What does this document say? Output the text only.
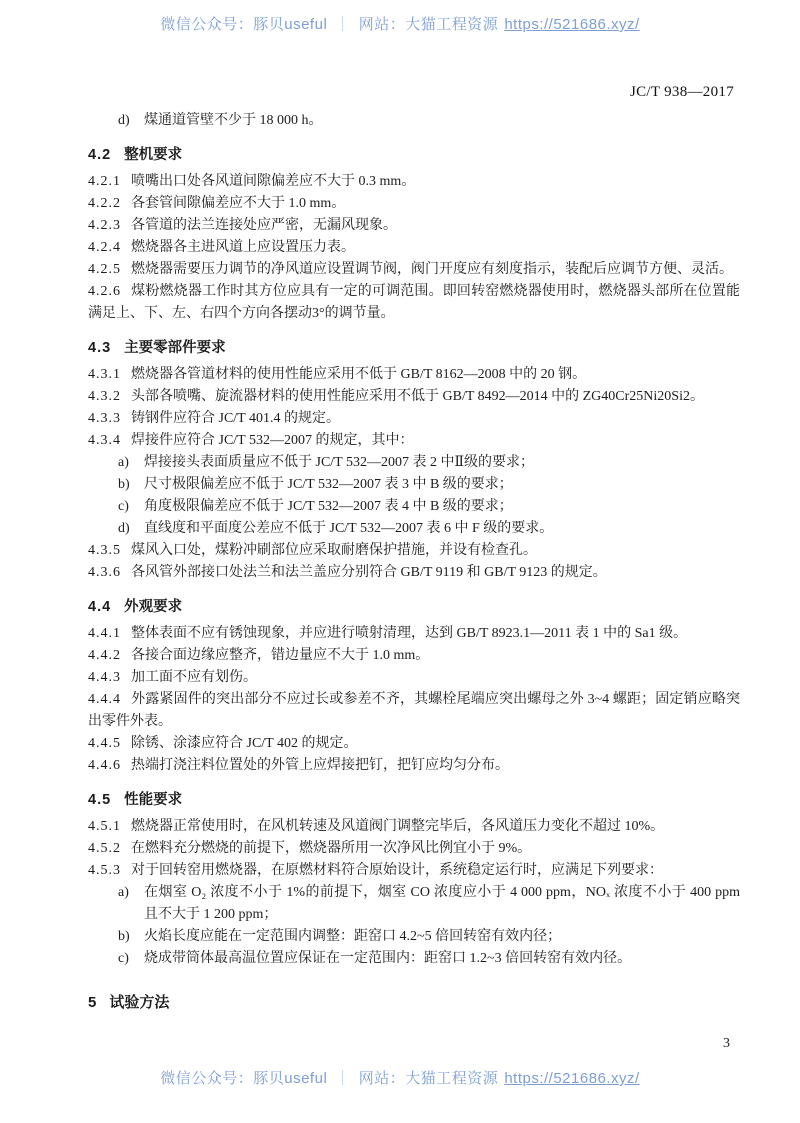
微信公众号：豚贝useful ｜ 网站：大猫工程资源 https://521686.xyz/
JC/T 938—2017
d)	煤通道管壁不少于 18 000 h。
4.2 整机要求
4.2.1 喷嘴出口处各风道间隙偏差应不大于 0.3 mm。
4.2.2 各套管间隙偏差应不大于 1.0 mm。
4.2.3 各管道的法兰连接处应严密，无漏风现象。
4.2.4 燃烧器各主进风道上应设置压力表。
4.2.5 燃烧器需要压力调节的净风道应设置调节阀，阀门开度应有刻度指示，装配后应调节方便、灵活。
4.2.6 煤粉燃烧器工作时其方位应具有一定的可调范围。即回转窑燃烧器使用时，燃烧器头部所在位置能满足上、下、左、右四个方向各摆动3°的调节量。
4.3 主要零部件要求
4.3.1 燃烧器各管道材料的使用性能应采用不低于 GB/T 8162—2008 中的 20 钢。
4.3.2 头部各喷嘴、旋流器材料的使用性能应采用不低于 GB/T 8492—2014 中的 ZG40Cr25Ni20Si2。
4.3.3 铸钢件应符合 JC/T 401.4 的规定。
4.3.4 焊接件应符合 JC/T 532—2007 的规定，其中：
a)	焊接接头表面质量应不低于 JC/T 532—2007 表 2 中Ⅱ级的要求；
b)	尺寸极限偏差应不低于 JC/T 532—2007 表 3 中 B 级的要求；
c)	角度极限偏差应不低于 JC/T 532—2007 表 4 中 B 级的要求；
d)	直线度和平面度公差应不低于 JC/T 532—2007 表 6 中 F 级的要求。
4.3.5 煤风入口处，煤粉冲刷部位应采取耐磨保护措施，并设有检查孔。
4.3.6 各风管外部接口处法兰和法兰盖应分别符合 GB/T 9119 和 GB/T 9123 的规定。
4.4 外观要求
4.4.1 整体表面不应有锈蚀现象，并应进行喷射清理，达到 GB/T 8923.1—2011 表 1 中的 Sa1 级。
4.4.2 各接合面边缘应整齐，错边量应不大于 1.0 mm。
4.4.3 加工面不应有划伤。
4.4.4 外露紧固件的突出部分不应过长或参差不齐，其螺栓尾端应突出螺母之外 3~4 螺距；固定销应略突出零件外表。
4.4.5 除锈、涂漆应符合 JC/T 402 的规定。
4.4.6 热端打浇注料位置处的外管上应焊接把钉，把钉应均匀分布。
4.5 性能要求
4.5.1 燃烧器正常使用时，在风机转速及风道阀门调整完毕后，各风道压力变化不超过 10%。
4.5.2 在燃料充分燃烧的前提下，燃烧器所用一次净风比例宜小于 9%。
4.5.3 对于回转窑用燃烧器，在原燃材料符合原始设计，系统稳定运行时，应满足下列要求：
a)	在烟室 O₂ 浓度不小于 1%的前提下，烟室 CO 浓度应小于 4 000 ppm，NOₓ 浓度不小于 400 ppm 且不大于 1 200 ppm；
b)	火焰长度应能在一定范围内调整：距窑口 4.2~5 倍回转窑有效内径；
c)	烧成带筒体最高温位置应保证在一定范围内：距窑口 1.2~3 倍回转窑有效内径。
5 试验方法
3
微信公众号：豚贝useful ｜ 网站：大猫工程资源 https://521686.xyz/
